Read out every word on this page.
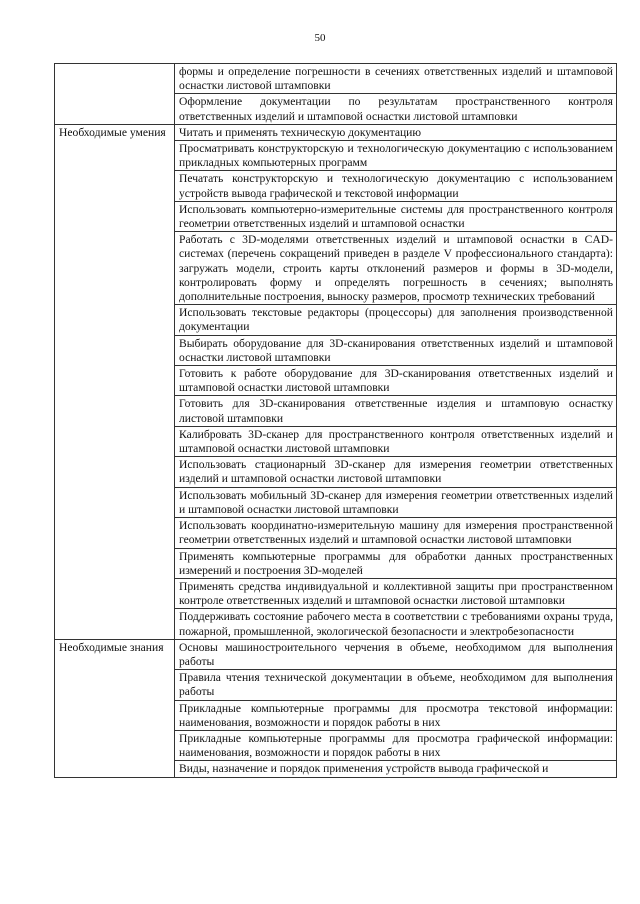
50
	формы и определение погрешности в сечениях ответственных изделий и штамповой оснастки листовой штамповки
	Оформление документации по результатам пространственного контроля ответственных изделий и штамповой оснастки листовой штамповки
Необходимые умения	Читать и применять техническую документацию
	Просматривать конструкторскую и технологическую документацию с использованием прикладных компьютерных программ
	Печатать конструкторскую и технологическую документацию с использованием устройств вывода графической и текстовой информации
	Использовать компьютерно-измерительные системы для пространственного контроля геометрии ответственных изделий и штамповой оснастки
	Работать с 3D-моделями ответственных изделий и штамповой оснастки в CAD-системах (перечень сокращений приведен в разделе V профессионального стандарта): загружать модели, строить карты отклонений размеров и формы в 3D-модели, контролировать форму и определять погрешность в сечениях; выполнять дополнительные построения, выноску размеров, просмотр технических требований
	Использовать текстовые редакторы (процессоры) для заполнения производственной документации
	Выбирать оборудование для 3D-сканирования ответственных изделий и штамповой оснастки листовой штамповки
	Готовить к работе оборудование для 3D-сканирования ответственных изделий и штамповой оснастки листовой штамповки
	Готовить для 3D-сканирования ответственные изделия и штамповую оснастку листовой штамповки
	Калибровать 3D-сканер для пространственного контроля ответственных изделий и штамповой оснастки листовой штамповки
	Использовать стационарный 3D-сканер для измерения геометрии ответственных изделий и штамповой оснастки листовой штамповки
	Использовать мобильный 3D-сканер для измерения геометрии ответственных изделий и штамповой оснастки листовой штамповки
	Использовать координатно-измерительную машину для измерения пространственной геометрии ответственных изделий и штамповой оснастки листовой штамповки
	Применять компьютерные программы для обработки данных пространственных измерений и построения 3D-моделей
	Применять средства индивидуальной и коллективной защиты при пространственном контроле ответственных изделий и штамповой оснастки листовой штамповки
	Поддерживать состояние рабочего места в соответствии с требованиями охраны труда, пожарной, промышленной, экологической безопасности и электробезопасности
Необходимые знания	Основы машиностроительного черчения в объеме, необходимом для выполнения работы
	Правила чтения технической документации в объеме, необходимом для выполнения работы
	Прикладные компьютерные программы для просмотра текстовой информации: наименования, возможности и порядок работы в них
	Прикладные компьютерные программы для просмотра графической информации: наименования, возможности и порядок работы в них
	Виды, назначение и порядок применения устройств вывода графической и
